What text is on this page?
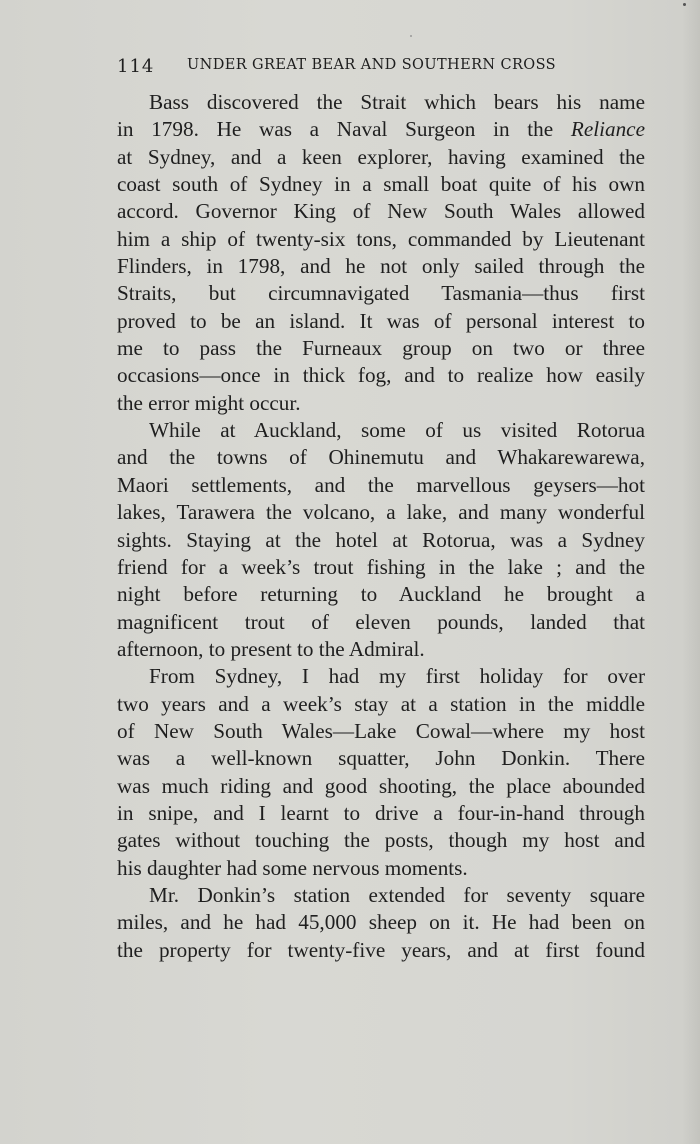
114 UNDER GREAT BEAR AND SOUTHERN CROSS
Bass discovered the Strait which bears his name
in 1798. He was a Naval Surgeon in the Reliance
at Sydney, and a keen explorer, having examined the
coast south of Sydney in a small boat quite of his own
accord. Governor King of New South Wales allowed
him a ship of twenty-six tons, commanded by Lieutenant
Flinders, in 1798, and he not only sailed through the
Straits, but circumnavigated Tasmania—thus first
proved to be an island. It was of personal interest to
me to pass the Furneaux group on two or three
occasions—once in thick fog, and to realize how easily
the error might occur.
While at Auckland, some of us visited Rotorua
and the towns of Ohinemutu and Whakarewarewa,
Maori settlements, and the marvellous geysers—hot
lakes, Tarawera the volcano, a lake, and many wonderful
sights. Staying at the hotel at Rotorua, was a Sydney
friend for a week’s trout fishing in the lake ; and the
night before returning to Auckland he brought a
magnificent trout of eleven pounds, landed that
afternoon, to present to the Admiral.
From Sydney, I had my first holiday for over
two years and a week’s stay at a station in the middle
of New South Wales—Lake Cowal—where my host
was a well-known squatter, John Donkin. There
was much riding and good shooting, the place abounded
in snipe, and I learnt to drive a four-in-hand through
gates without touching the posts, though my host and
his daughter had some nervous moments.
Mr. Donkin’s station extended for seventy square
miles, and he had 45,000 sheep on it. He had been on
the property for twenty-five years, and at first found
